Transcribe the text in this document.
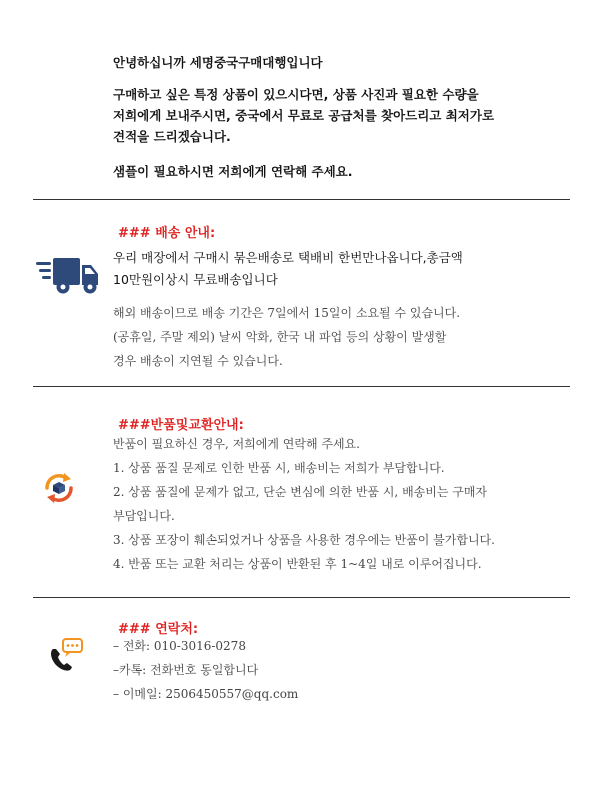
안녕하십니까 세명중국구매대행입니다

구매하고 싶은 특정 상품이 있으시다면, 상품 사진과 필요한 수량을

저희에게 보내주시면, 중국에서 무료로 공급처를 찾아드리고 최저가로

견적을 드리겠습니다.

샘플이 필요하시면 저희에게 연락해 주세요.

### 배송 안내:

우리 매장에서 구매시 묶은배송로 택배비 한번만나옵니다,총금액

10만원이상시 무료배송입니다

해외 배송이므로 배송 기간은 7일에서 15일이 소요될 수 있습니다.

(공휴일, 주말 제외) 날씨 악화, 한국 내 파업 등의 상황이 발생할

경우 배송이 지연될 수 있습니다.

###반품및교환안내:

반품이 필요하신 경우, 저희에게 연락해 주세요.

1. 상품 품질 문제로 인한 반품 시, 배송비는 저희가 부담합니다.

2. 상품 품질에 문제가 없고, 단순 변심에 의한 반품 시, 배송비는 구매자

부담입니다.

3. 상품 포장이 훼손되었거나 상품을 사용한 경우에는 반품이 불가합니다.

4. 반품 또는 교환 처리는 상품이 반환된 후 1~4일 내로 이루어집니다.

### 연락처:

– 전화: 010-3016-0278

–카톡: 전화번호 동일합니다

– 이메일: 2506450557@qq.com
